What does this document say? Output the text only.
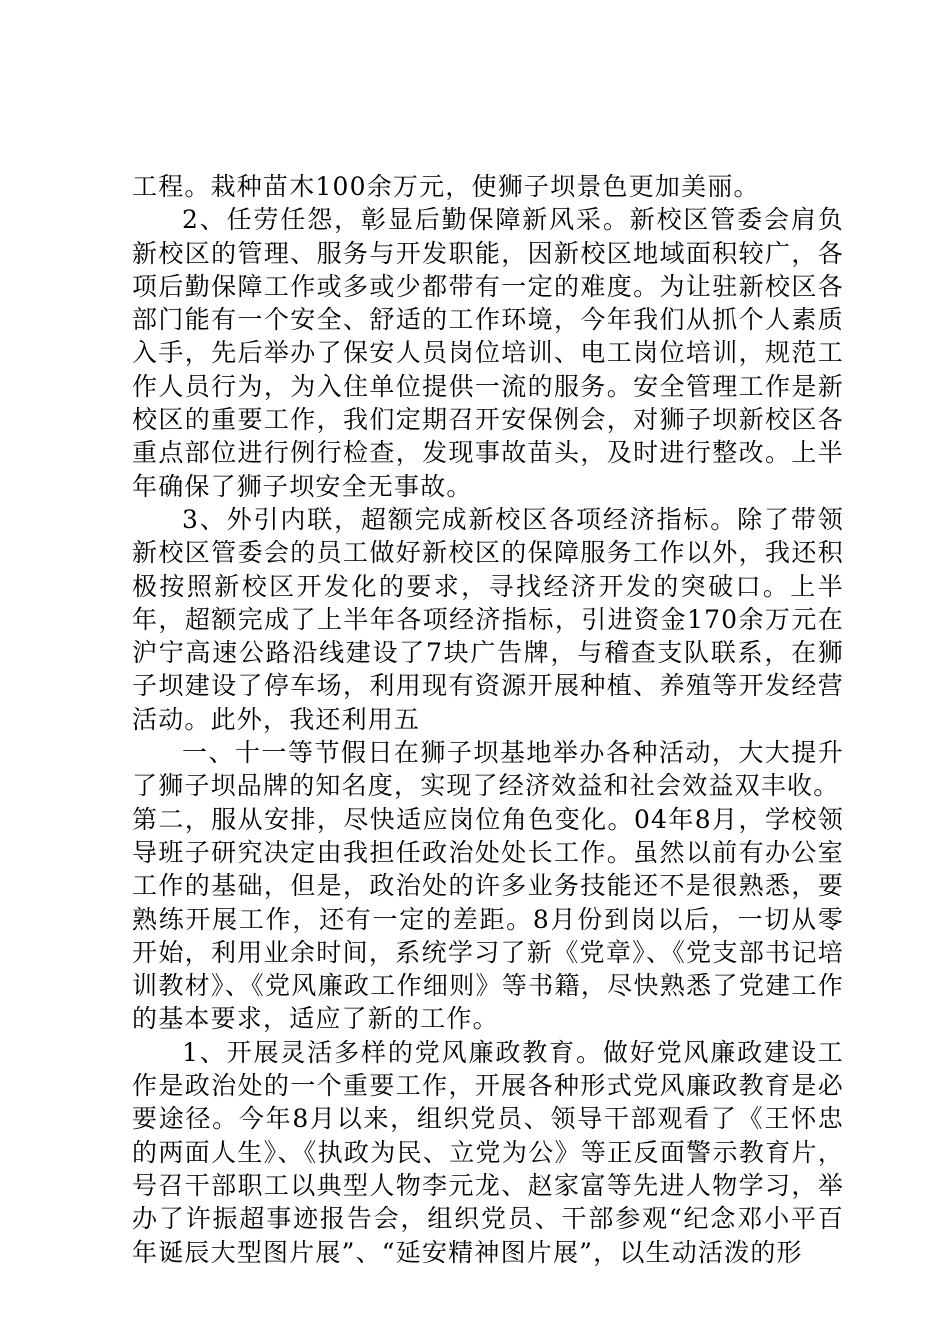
工程。栽种苗木100余万元，使狮子坝景色更加美丽。

2、任劳任怨，彰显后勤保障新风采。新校区管委会肩负新校区的管理、服务与开发职能，因新校区地域面积较广，各项后勤保障工作或多或少都带有一定的难度。为让驻新校区各部门能有一个安全、舒适的工作环境，今年我们从抓个人素质入手，先后举办了保安人员岗位培训、电工岗位培训，规范工作人员行为，为入住单位提供一流的服务。安全管理工作是新校区的重要工作，我们定期召开安保例会，对狮子坝新校区各重点部位进行例行检查，发现事故苗头，及时进行整改。上半年确保了狮子坝安全无事故。

3、外引内联，超额完成新校区各项经济指标。除了带领新校区管委会的员工做好新校区的保障服务工作以外，我还积极按照新校区开发化的要求，寻找经济开发的突破口。上半年，超额完成了上半年各项经济指标，引进资金170余万元在沪宁高速公路沿线建设了7块广告牌，与稽查支队联系，在狮子坝建设了停车场，利用现有资源开展种植、养殖等开发经营活动。此外，我还利用五

一、十一等节假日在狮子坝基地举办各种活动，大大提升了狮子坝品牌的知名度，实现了经济效益和社会效益双丰收。

第二，服从安排，尽快适应岗位角色变化。04年8月，学校领导班子研究决定由我担任政治处处长工作。虽然以前有办公室工作的基础，但是，政治处的许多业务技能还不是很熟悉，要熟练开展工作，还有一定的差距。8月份到岗以后，一切从零开始，利用业余时间，系统学习了新《党章》、《党支部书记培训教材》、《党风廉政工作细则》等书籍，尽快熟悉了党建工作的基本要求，适应了新的工作。

1、开展灵活多样的党风廉政教育。做好党风廉政建设工作是政治处的一个重要工作，开展各种形式党风廉政教育是必要途径。今年8月以来，组织党员、领导干部观看了《王怀忠的两面人生》、《执政为民、立党为公》等正反面警示教育片，号召干部职工以典型人物李元龙、赵家富等先进人物学习，举办了许振超事迹报告会，组织党员、干部参观“纪念邓小平百年诞辰大型图片展”、“延安精神图片展”，以生动活泼的形
